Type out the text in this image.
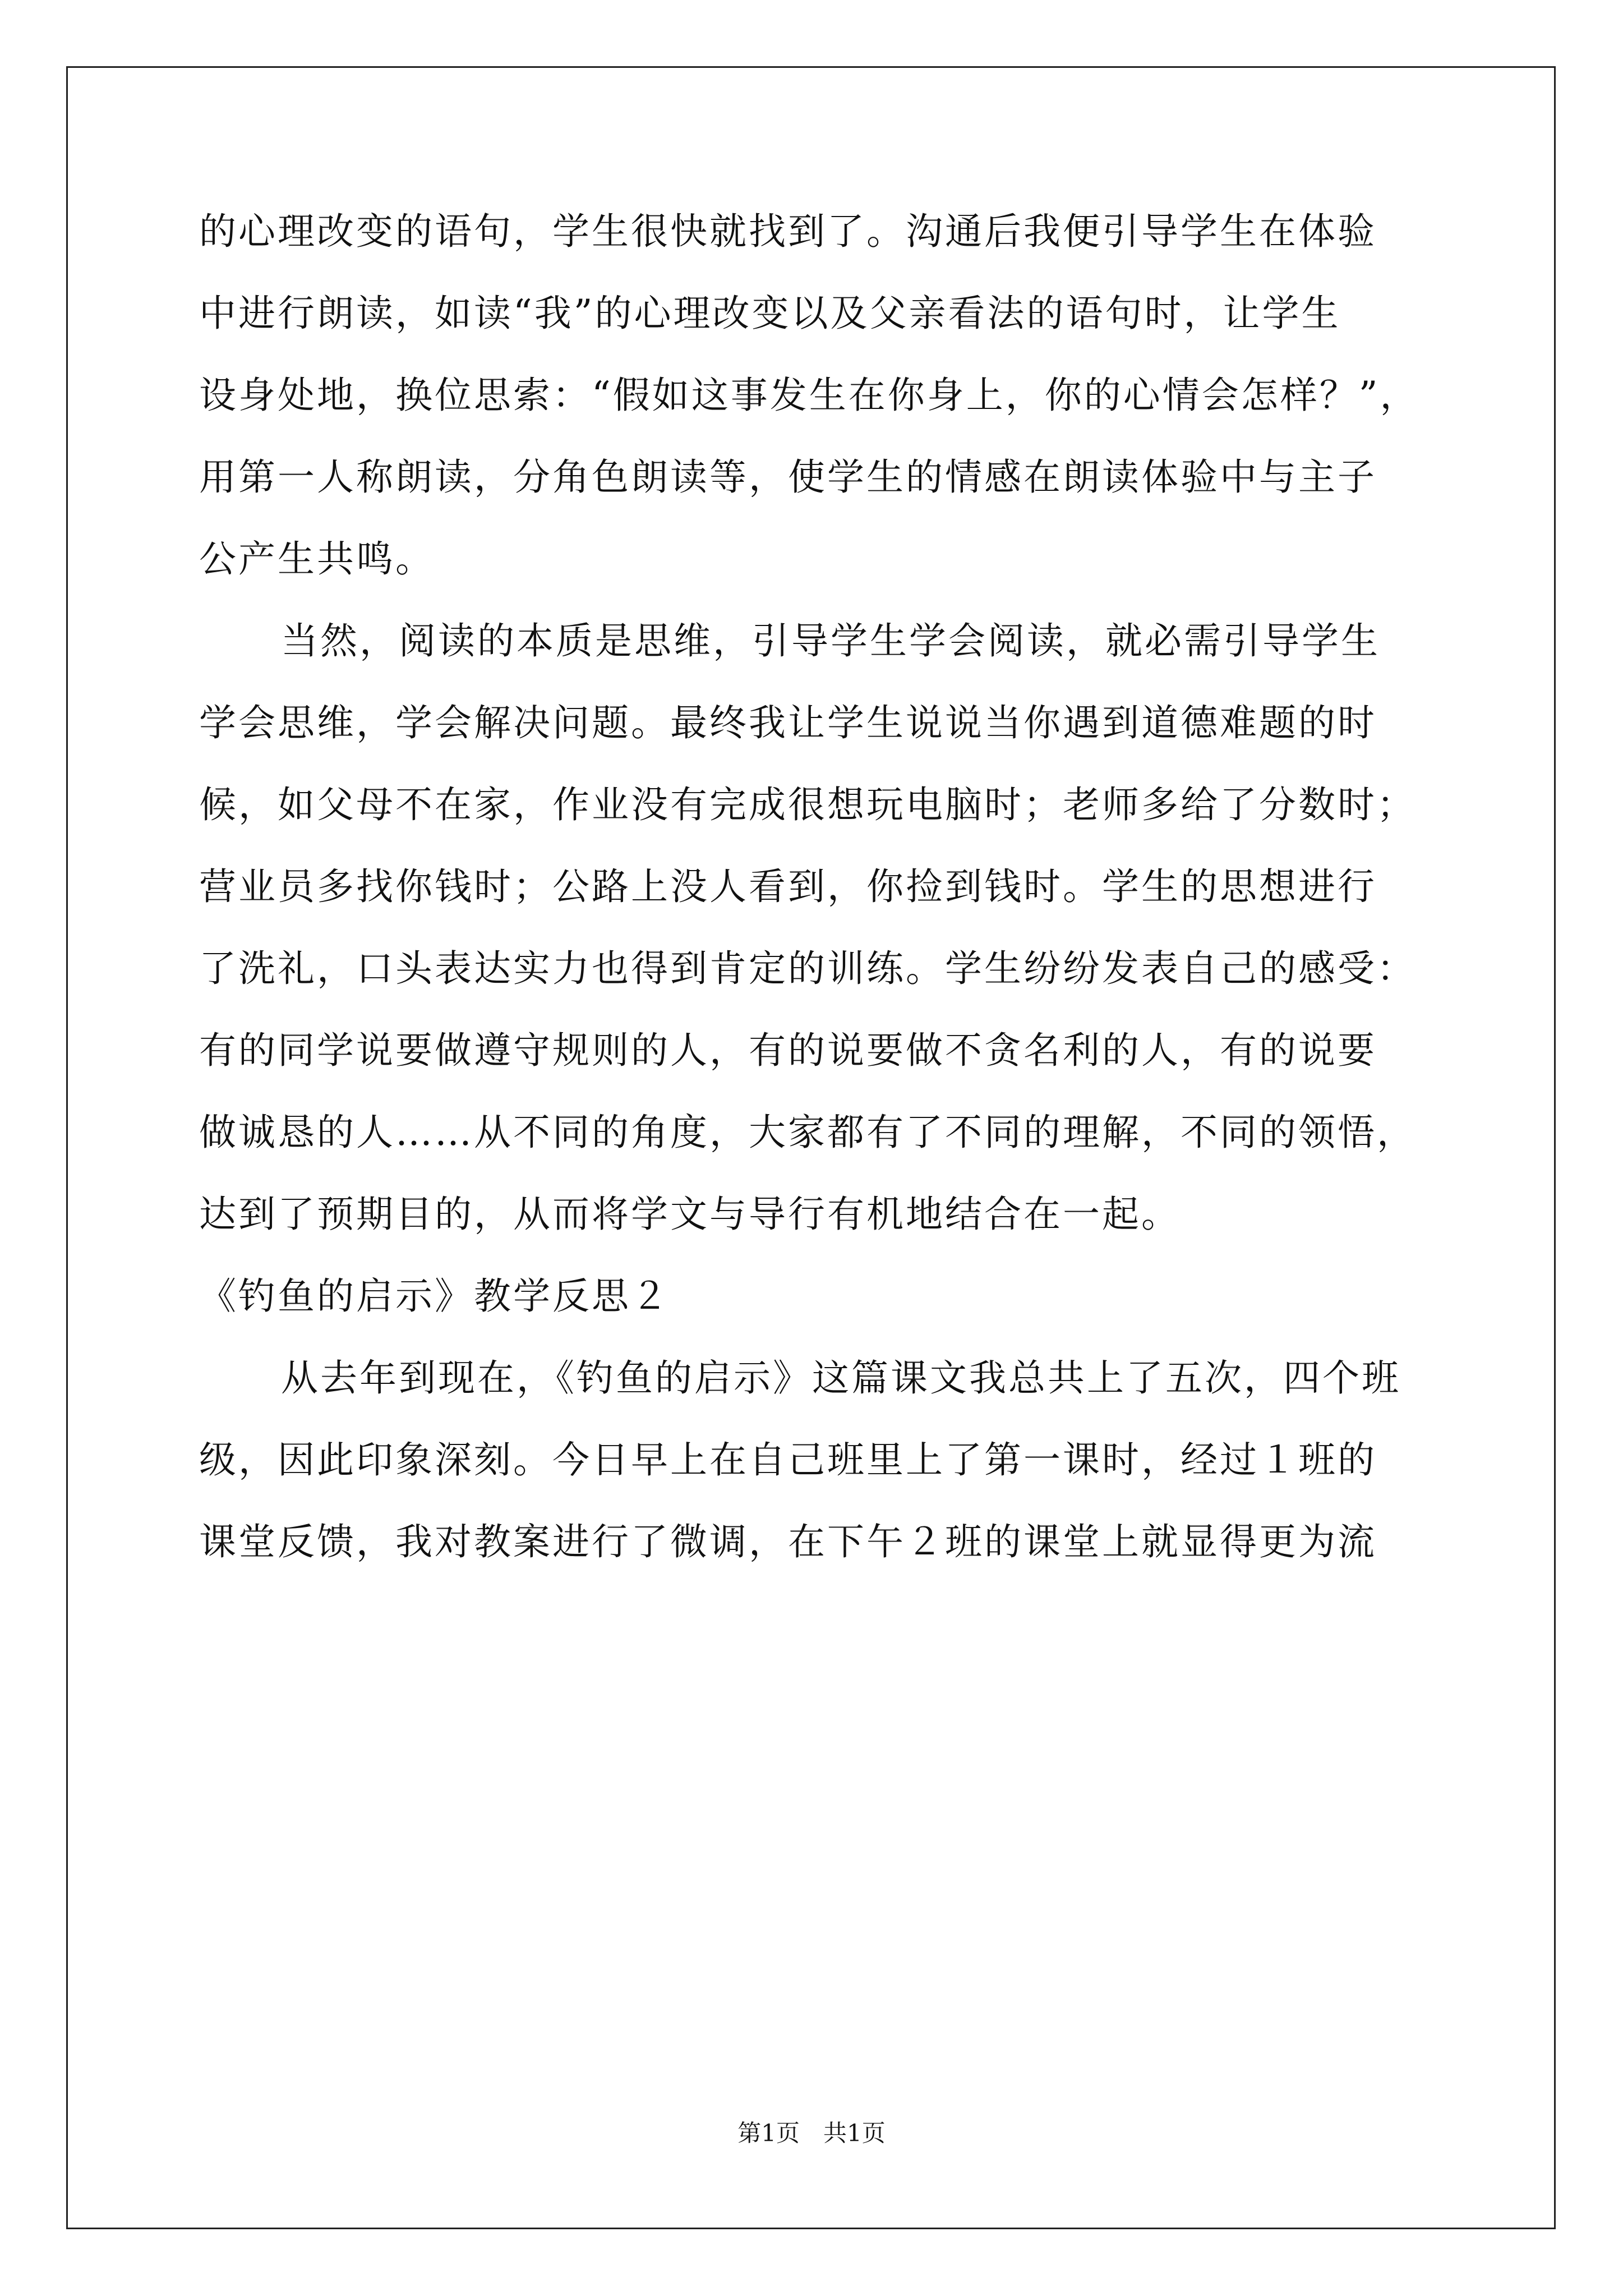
的心理改变的语句，学生很快就找到了。沟通后我便引导学生在体验
中进行朗读，如读“我”的心理改变以及父亲看法的语句时，让学生
设身处地，换位思索：“假如这事发生在你身上，你的心情会怎样？”，
用第一人称朗读，分角色朗读等，使学生的情感在朗读体验中与主子
公产生共鸣。
当然，阅读的本质是思维，引导学生学会阅读，就必需引导学生
学会思维，学会解决问题。最终我让学生说说当你遇到道德难题的时
候，如父母不在家，作业没有完成很想玩电脑时；老师多给了分数时；
营业员多找你钱时；公路上没人看到，你捡到钱时。学生的思想进行
了洗礼，口头表达实力也得到肯定的训练。学生纷纷发表自己的感受：
有的同学说要做遵守规则的人，有的说要做不贪名利的人，有的说要
做诚恳的人……从不同的角度，大家都有了不同的理解，不同的领悟，
达到了预期目的，从而将学文与导行有机地结合在一起。
《钓鱼的启示》教学反思２
从去年到现在，《钓鱼的启示》这篇课文我总共上了五次，四个班
级，因此印象深刻。今日早上在自己班里上了第一课时，经过１班的
课堂反馈，我对教案进行了微调，在下午２班的课堂上就显得更为流
第1页　共1页
